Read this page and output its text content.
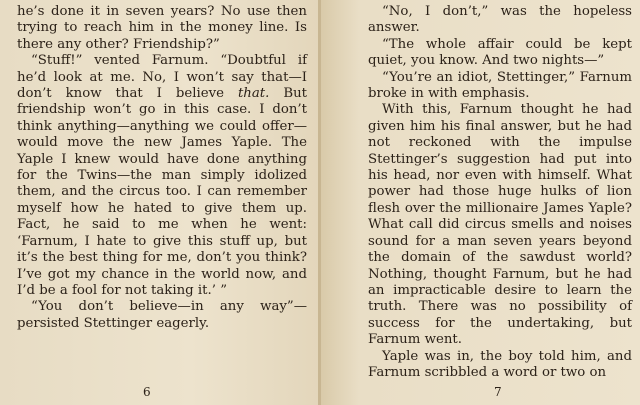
he’s done it in seven years? No use then trying to reach him in the money line. Is there any other? Friendship?”

“Stuff!” vented Farnum. “Doubtful if he’d look at me. No, I won’t say that—I don’t know that I believe that. But friendship won’t go in this case. I don’t think anything—anything we could offer—would move the new James Yaple. The Yaple I knew would have done anything for the Twins—the man simply idolized them, and the circus too. I can remember myself how he hated to give them up. Fact, he said to me when he went: ‘Farnum, I hate to give this stuff up, but it’s the best thing for me, don’t you think? I’ve got my chance in the world now, and I’d be a fool for not taking it.’ ”

“You don’t believe—in any way”—persisted Stettinger eagerly.

6

“No, I don’t,” was the hopeless answer.

“The whole affair could be kept quiet, you know. And two nights—”

“You’re an idiot, Stettinger,” Farnum broke in with emphasis.

With this, Farnum thought he had given him his final answer, but he had not reckoned with the impulse Stettinger’s suggestion had put into his head, nor even with himself. What power had those huge hulks of lion flesh over the millionaire James Yaple? What call did circus smells and noises sound for a man seven years beyond the domain of the sawdust world? Nothing, thought Farnum, but he had an impracticable desire to learn the truth. There was no possibility of success for the undertaking, but Farnum went.

Yaple was in, the boy told him, and Farnum scribbled a word or two on

7
